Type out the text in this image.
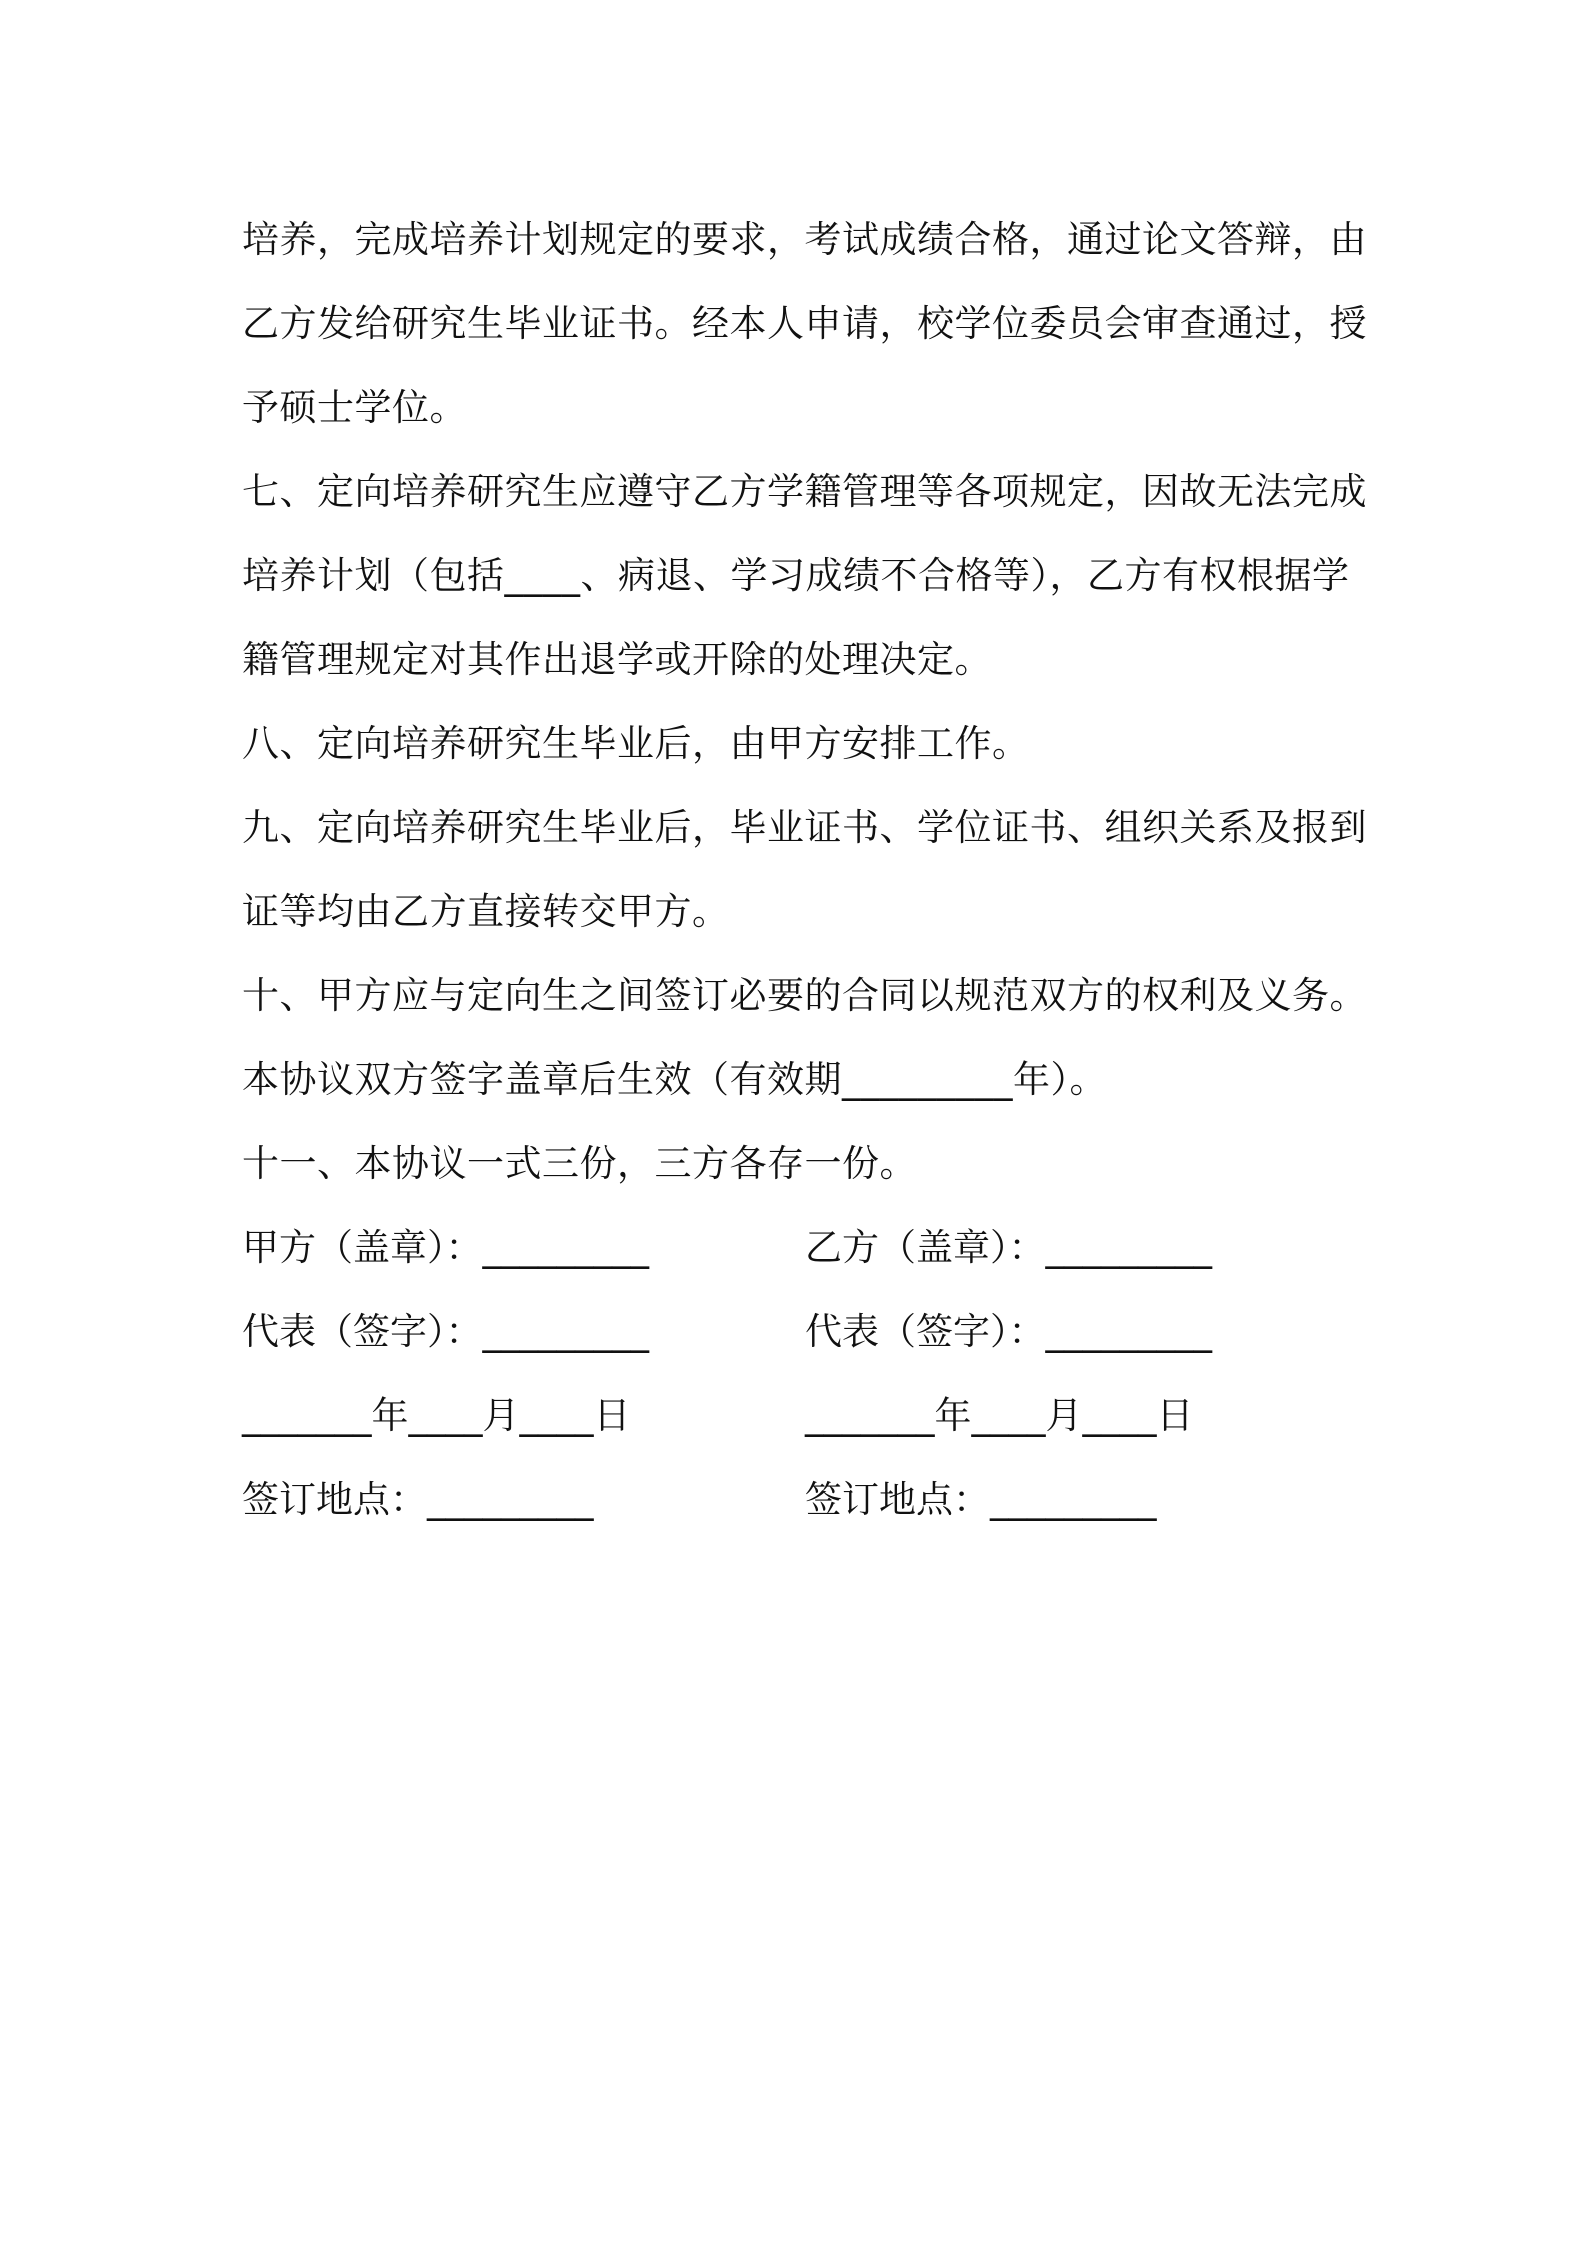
培养，完成培养计划规定的要求，考试成绩合格，通过论文答辩，由
乙方发给研究生毕业证书。经本人申请，校学位委员会审查通过，授
予硕士学位。
七、定向培养研究生应遵守乙方学籍管理等各项规定，因故无法完成
培养计划（包括____、病退、学习成绩不合格等），乙方有权根据学
籍管理规定对其作出退学或开除的处理决定。
八、定向培养研究生毕业后，由甲方安排工作。
九、定向培养研究生毕业后，毕业证书、学位证书、组织关系及报到
证等均由乙方直接转交甲方。
十、甲方应与定向生之间签订必要的合同以规范双方的权利及义务。
本协议双方签字盖章后生效（有效期_________年）。
十一、本协议一式三份，三方各存一份。
甲方（盖章）：_________	乙方（盖章）：_________
代表（签字）：_________	代表（签字）：_________
_______年____月____日	_______年____月____日
签订地点：_________	签订地点：_________
